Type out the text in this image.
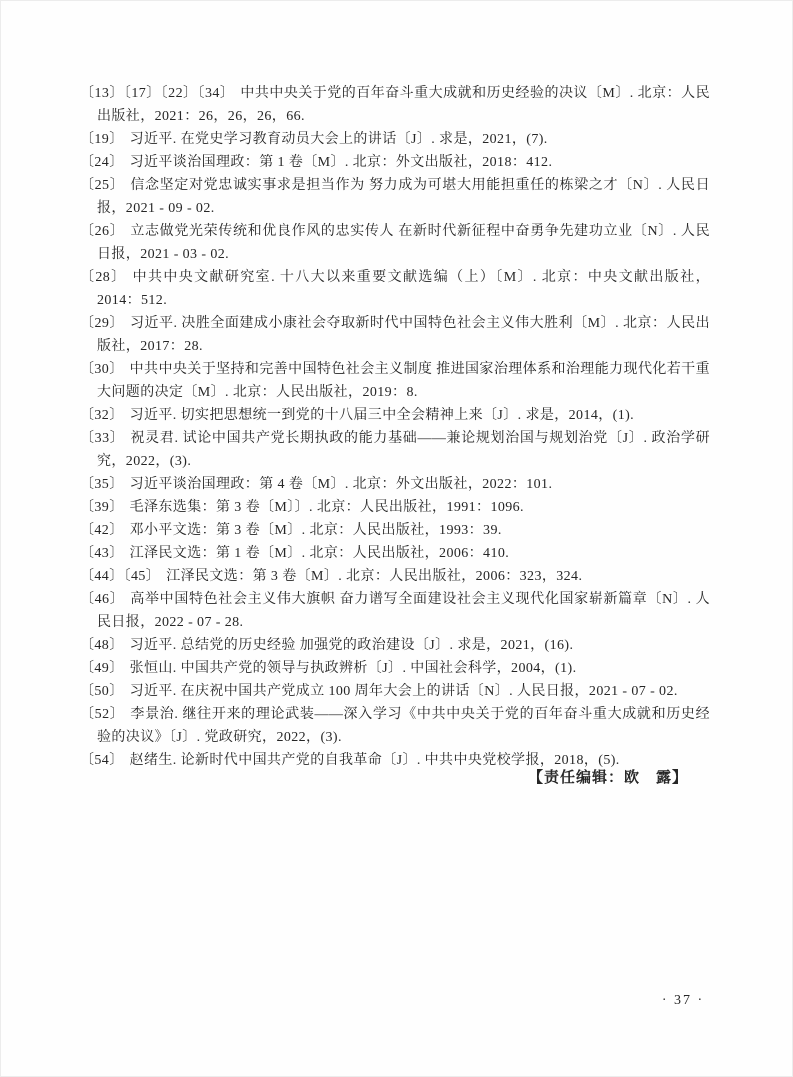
〔13〕〔17〕〔22〕〔34〕 中共中央关于党的百年奋斗重大成就和历史经验的决议〔M〕. 北京：人民出版社，2021：26，26，26，66.

〔19〕 习近平. 在党史学习教育动员大会上的讲话〔J〕. 求是，2021，(7).

〔24〕 习近平谈治国理政：第 1 卷〔M〕. 北京：外文出版社，2018：412.

〔25〕 信念坚定对党忠诚实事求是担当作为 努力成为可堪大用能担重任的栋梁之才〔N〕. 人民日报，2021 - 09 - 02.

〔26〕 立志做党光荣传统和优良作风的忠实传人 在新时代新征程中奋勇争先建功立业〔N〕. 人民日报，2021 - 03 - 02.

〔28〕 中共中央文献研究室. 十八大以来重要文献选编（上）〔M〕. 北京：中央文献出版社，2014：512.

〔29〕 习近平. 决胜全面建成小康社会夺取新时代中国特色社会主义伟大胜利〔M〕. 北京：人民出版社，2017：28.

〔30〕 中共中央关于坚持和完善中国特色社会主义制度 推进国家治理体系和治理能力现代化若干重大问题的决定〔M〕. 北京：人民出版社，2019：8.

〔32〕 习近平. 切实把思想统一到党的十八届三中全会精神上来〔J〕. 求是，2014，(1).

〔33〕 祝灵君. 试论中国共产党长期执政的能力基础——兼论规划治国与规划治党〔J〕. 政治学研究，2022，(3).

〔35〕 习近平谈治国理政：第 4 卷〔M〕. 北京：外文出版社，2022：101.

〔39〕 毛泽东选集：第 3 卷〔M〕〕. 北京：人民出版社，1991：1096.

〔42〕 邓小平文选：第 3 卷〔M〕. 北京：人民出版社，1993：39.

〔43〕 江泽民文选：第 1 卷〔M〕. 北京：人民出版社，2006：410.

〔44〕〔45〕 江泽民文选：第 3 卷〔M〕. 北京：人民出版社，2006：323，324.

〔46〕 高举中国特色社会主义伟大旗帜 奋力谱写全面建设社会主义现代化国家崭新篇章〔N〕. 人民日报，2022 - 07 - 28.

〔48〕 习近平. 总结党的历史经验 加强党的政治建设〔J〕. 求是，2021，(16).

〔49〕 张恒山. 中国共产党的领导与执政辨析〔J〕. 中国社会科学，2004，(1).

〔50〕 习近平. 在庆祝中国共产党成立 100 周年大会上的讲话〔N〕. 人民日报，2021 - 07 - 02.

〔52〕 李景治. 继往开来的理论武装——深入学习《中共中央关于党的百年奋斗重大成就和历史经验的决议》〔J〕. 党政研究，2022，(3).

〔54〕 赵绪生. 论新时代中国共产党的自我革命〔J〕. 中共中央党校学报，2018，(5).

【责任编辑：欧　露】
· 37 ·
